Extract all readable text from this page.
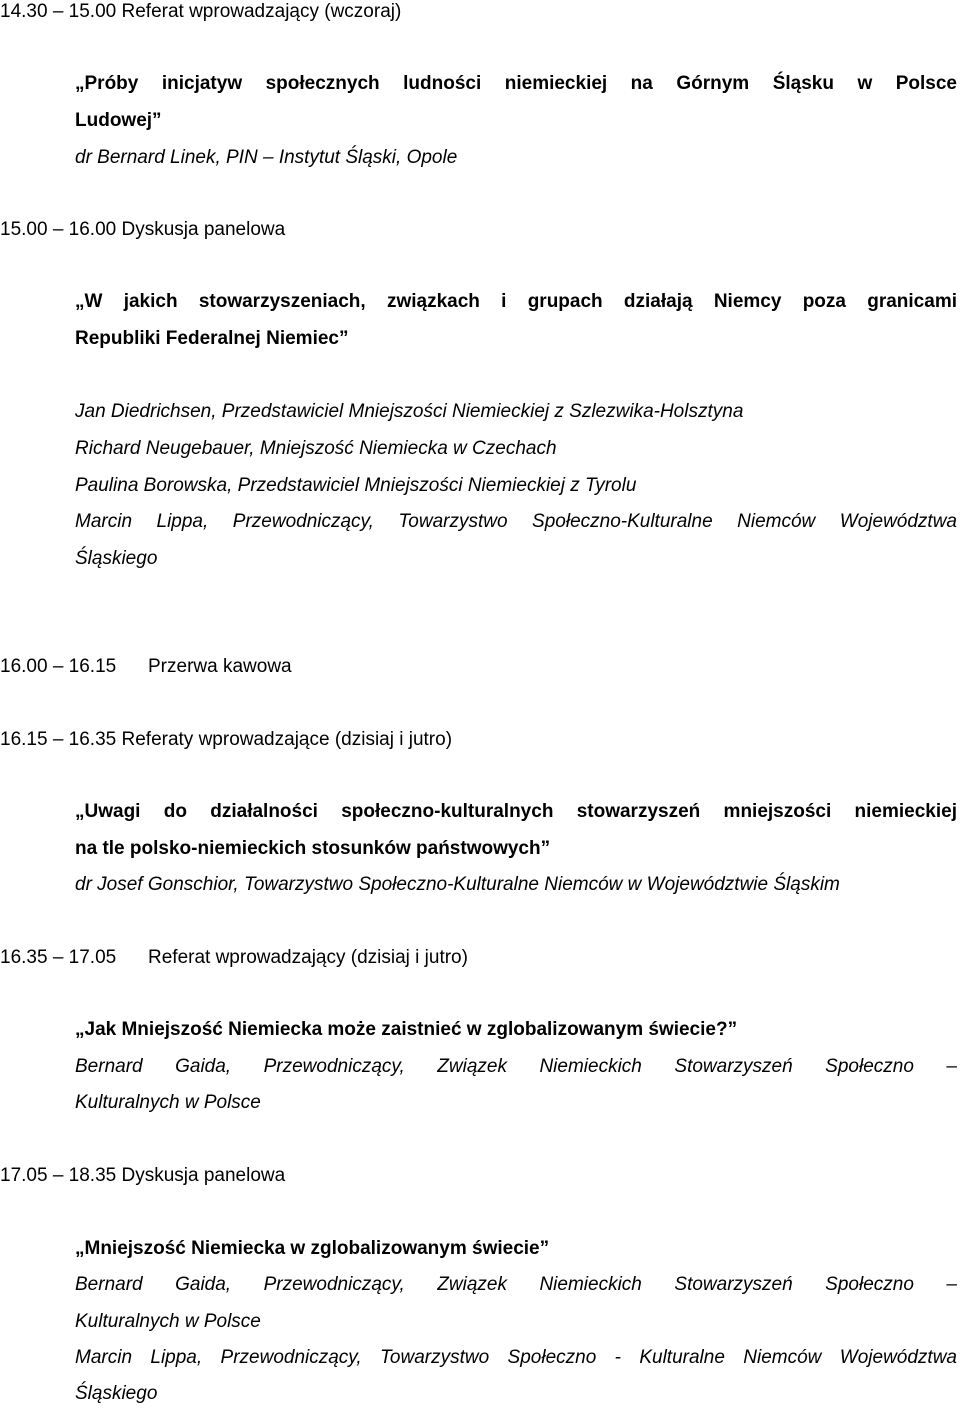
14.30 – 15.00 Referat wprowadzający (wczoraj)
„Próby inicjatyw społecznych ludności niemieckiej na Górnym Śląsku w Polsce
Ludowej”
dr Bernard Linek, PIN – Instytut Śląski, Opole
15.00 – 16.00 Dyskusja panelowa
„W jakich stowarzyszeniach, związkach i grupach działają Niemcy poza granicami
Republiki Federalnej Niemiec”
Jan Diedrichsen, Przedstawiciel Mniejszości Niemieckiej z Szlezwika-Holsztyna
Richard Neugebauer, Mniejszość Niemiecka w Czechach
Paulina Borowska, Przedstawiciel Mniejszości Niemieckiej z Tyrolu
Marcin Lippa, Przewodniczący, Towarzystwo Społeczno-Kulturalne Niemców Województwa
Śląskiego
16.00 – 16.15 Przerwa kawowa
16.15 – 16.35 Referaty wprowadzające (dzisiaj i jutro)
„Uwagi do działalności społeczno-kulturalnych stowarzyszeń mniejszości niemieckiej
na tle polsko-niemieckich stosunków państwowych”
dr Josef Gonschior, Towarzystwo Społeczno-Kulturalne Niemców w Województwie Śląskim
16.35 – 17.05 Referat wprowadzający (dzisiaj i jutro)
„Jak Mniejszość Niemiecka może zaistnieć w zglobalizowanym świecie?”
Bernard Gaida, Przewodniczący, Związek Niemieckich Stowarzyszeń Społeczno –
Kulturalnych w Polsce
17.05 – 18.35 Dyskusja panelowa
„Mniejszość Niemiecka w zglobalizowanym świecie”
Bernard Gaida, Przewodniczący, Związek Niemieckich Stowarzyszeń Społeczno –
Kulturalnych w Polsce
Marcin Lippa, Przewodniczący, Towarzystwo Społeczno - Kulturalne Niemców Województwa
Śląskiego
